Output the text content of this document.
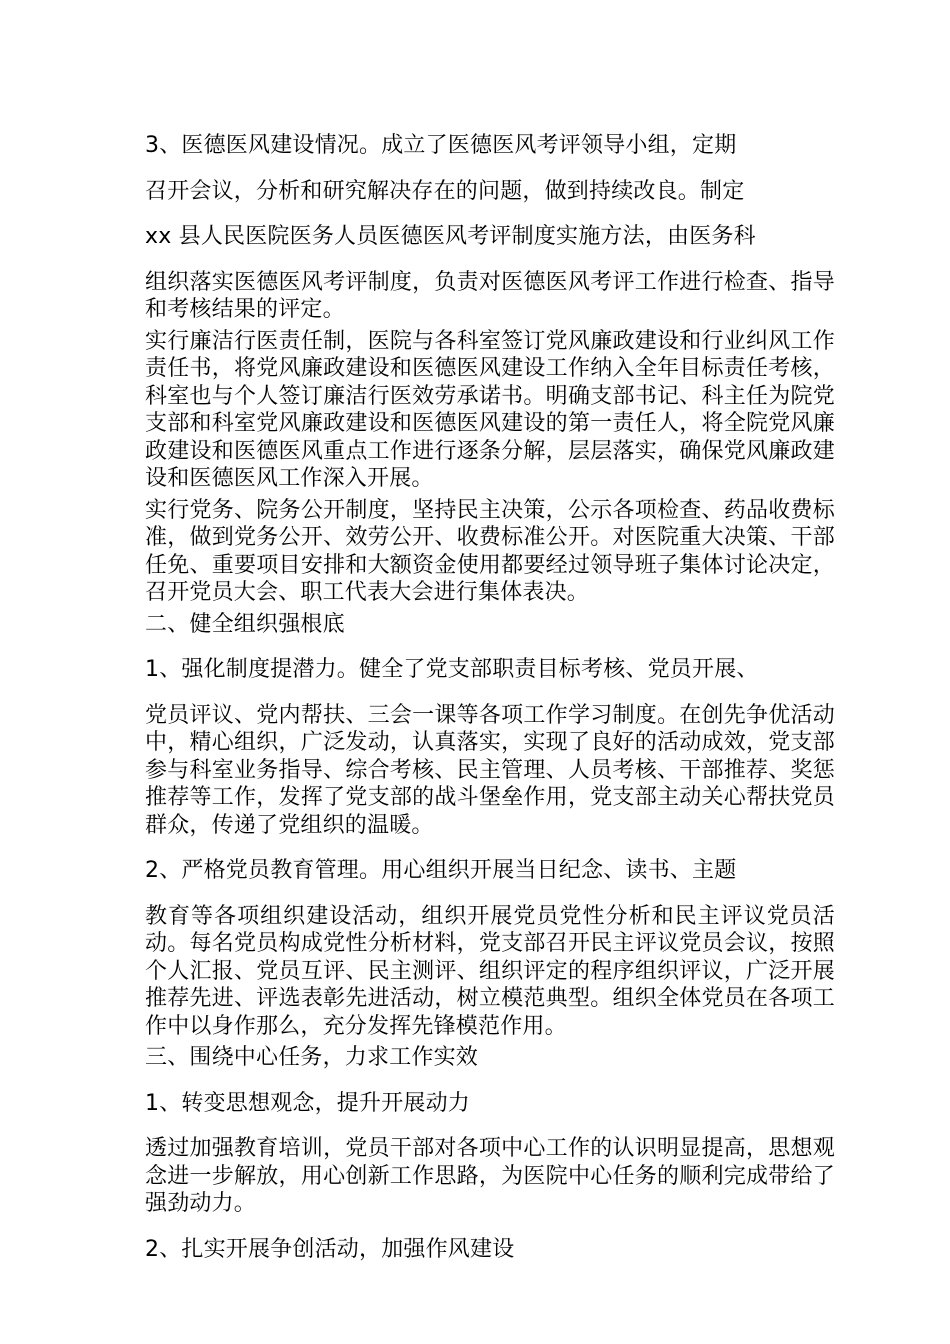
3、医德医风建设情况。成立了医德医风考评领导小组，定期

召开会议，分析和研究解决存在的问题，做到持续改良。制定

xx 县人民医院医务人员医德医风考评制度实施方法，由医务科

组织落实医德医风考评制度，负责对医德医风考评工作进行检查、指导和考核结果的评定。

实行廉洁行医责任制，医院与各科室签订党风廉政建设和行业纠风工作责任书，将党风廉政建设和医德医风建设工作纳入全年目标责任考核，科室也与个人签订廉洁行医效劳承诺书。明确支部书记、科主任为院党支部和科室党风廉政建设和医德医风建设的第一责任人，将全院党风廉政建设和医德医风重点工作进行逐条分解，层层落实，确保党风廉政建设和医德医风工作深入开展。

实行党务、院务公开制度，坚持民主决策，公示各项检查、药品收费标准，做到党务公开、效劳公开、收费标准公开。对医院重大决策、干部任免、重要项目安排和大额资金使用都要经过领导班子集体讨论决定，召开党员大会、职工代表大会进行集体表决。

二、健全组织强根底

1、强化制度提潜力。健全了党支部职责目标考核、党员开展、

党员评议、党内帮扶、三会一课等各项工作学习制度。在创先争优活动中，精心组织，广泛发动，认真落实，实现了良好的活动成效，党支部参与科室业务指导、综合考核、民主管理、人员考核、干部推荐、奖惩推荐等工作，发挥了党支部的战斗堡垒作用，党支部主动关心帮扶党员群众，传递了党组织的温暖。

2、严格党员教育管理。用心组织开展当日纪念、读书、主题

教育等各项组织建设活动，组织开展党员党性分析和民主评议党员活动。每名党员构成党性分析材料，党支部召开民主评议党员会议，按照个人汇报、党员互评、民主测评、组织评定的程序组织评议，广泛开展推荐先进、评选表彰先进活动，树立模范典型。组织全体党员在各项工作中以身作那么，充分发挥先锋模范作用。

三、围绕中心任务，力求工作实效

1、转变思想观念，提升开展动力

透过加强教育培训，党员干部对各项中心工作的认识明显提高，思想观念进一步解放，用心创新工作思路，为医院中心任务的顺利完成带给了强劲动力。

2、扎实开展争创活动，加强作风建设
